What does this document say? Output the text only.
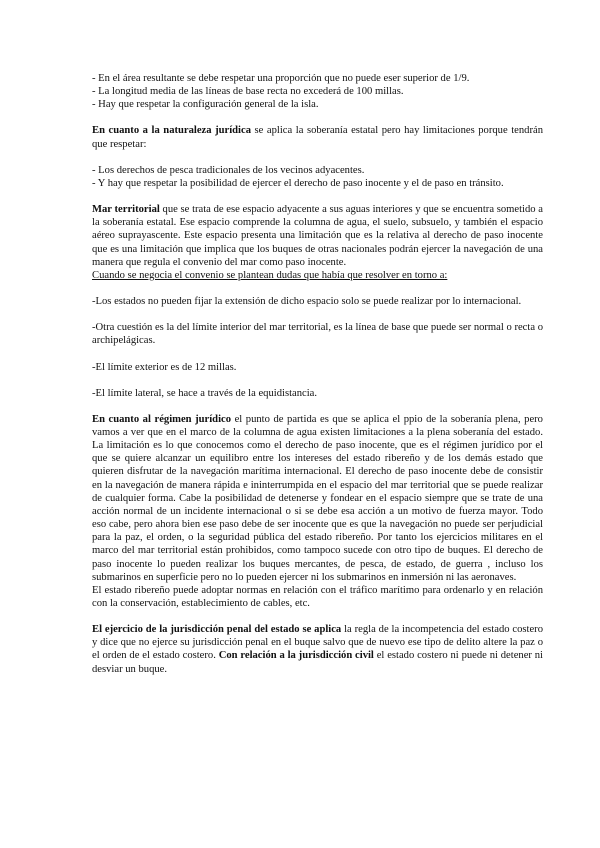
- En el área resultante se debe respetar una proporción que no puede eser superior de 1/9.
- La longitud media de las líneas de base recta no excederá de 100 millas.
- Hay que respetar la configuración general de la isla.

En cuanto a la naturaleza jurídica se aplica la soberanía estatal pero hay limitaciones porque tendrán que respetar:

- Los derechos de pesca tradicionales de los vecinos adyacentes.
- Y hay que respetar la posibilidad de ejercer el derecho de paso inocente y el de paso en tránsito.

Mar territorial que se trata de ese espacio adyacente a sus aguas interiores y que se encuentra sometido a la soberanía estatal. Ese espacio comprende la columna de agua, el suelo, subsuelo, y también el espacio aéreo suprayascente. Este espacio presenta una limitación que es la relativa al derecho de paso inocente que es una limitación que implica que los buques de otras nacionales podrán ejercer la navegación de una manera que regula el convenio del mar como paso inocente.

Cuando se negocia el convenio se plantean dudas que había que resolver en torno a:

-Los estados no pueden fijar la extensión de dicho espacio solo se puede realizar por lo internacional.

-Otra cuestión es la del límite interior del mar territorial, es la línea de base que puede ser normal o recta o archipelágicas.

-El límite exterior es de 12 millas.

-El límite lateral, se hace a través de la equidistancia.

En cuanto al régimen jurídico el punto de partida es que se aplica el ppio de la soberanía plena, pero vamos a ver que en el marco de la columna de agua existen limitaciones a la plena soberanía del estado. La limitación es lo que conocemos como el derecho de paso inocente, que es el régimen jurídico por el que se quiere alcanzar un equilibro entre los intereses del estado ribereño y de los demás estado que quieren disfrutar de la navegación marítima internacional. El derecho de paso inocente debe de consistir en la navegación de manera rápida e ininterrumpida en el espacio del mar territorial que se puede realizar de cualquier forma. Cabe la posibilidad de detenerse y fondear en el espacio siempre que se trate de una acción normal de un incidente internacional o si se debe esa acción a un motivo de fuerza mayor. Todo eso cabe, pero ahora bien ese paso debe de ser inocente que es que la navegación no puede ser perjudicial para la paz, el orden, o la seguridad pública del estado ribereño. Por tanto los ejercicios militares en el marco del mar territorial están prohibidos, como tampoco sucede con otro tipo de buques. El derecho de paso inocente lo pueden realizar los buques mercantes, de pesca, de estado, de guerra , incluso los submarinos en superficie pero no lo pueden ejercer ni los submarinos en inmersión ni las aeronaves.

El estado ribereño puede adoptar normas en relación con el tráfico marítimo para ordenarlo y en relación con la conservación, establecimiento de cables, etc.

El ejercicio de la jurisdicción penal del estado se aplica la regla de la incompetencia del estado costero y dice que no ejerce su jurisdicción penal en el buque salvo que de nuevo ese tipo de delito altere la paz o el orden de el estado costero. Con relación a la jurisdicción civil el estado costero ni puede ni detener ni desviar un buque.
